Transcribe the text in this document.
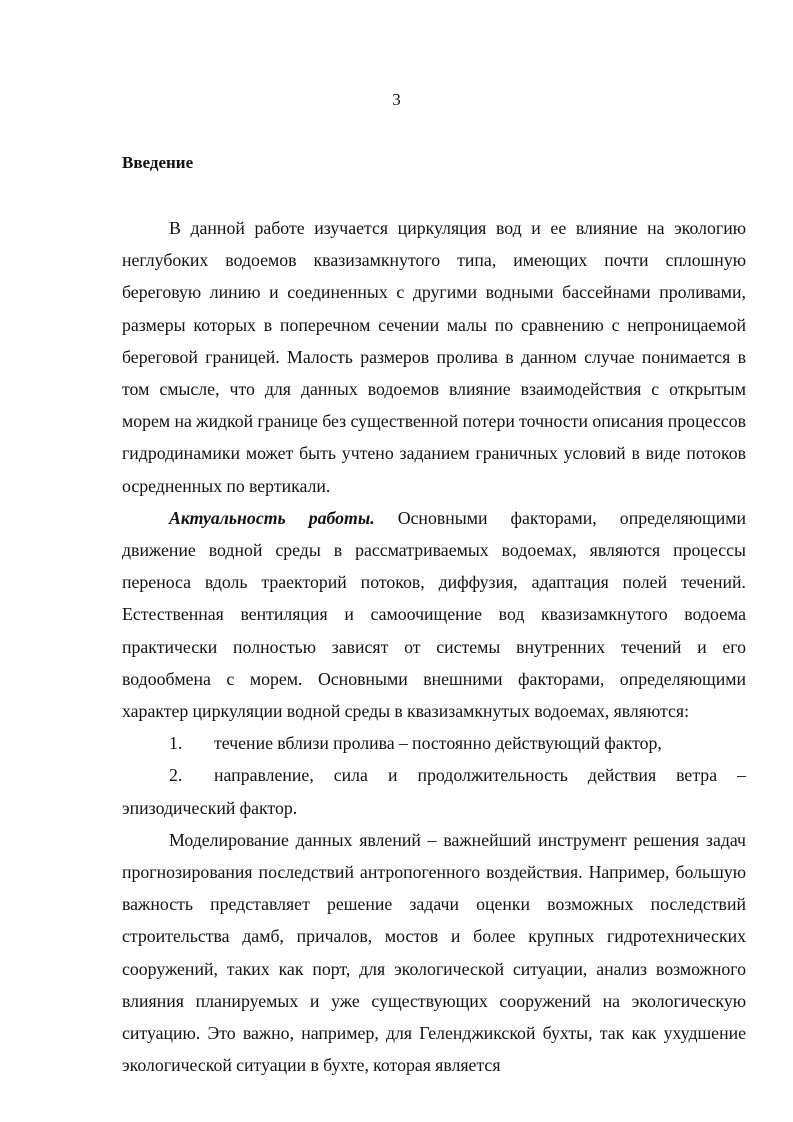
3
Введение

В данной работе изучается циркуляция вод и ее влияние на экологию неглубоких водоемов квазизамкнутого типа, имеющих почти сплошную береговую линию и соединенных с другими водными бассейнами проливами, размеры которых в поперечном сечении малы по сравнению с непроницаемой береговой границей. Малость размеров пролива в данном случае понимается в том смысле, что для данных водоемов влияние взаимодействия с открытым морем на жидкой границе без существенной потери точности описания процессов гидродинамики может быть учтено заданием граничных условий в виде потоков осредненных по вертикали.

Актуальность работы. Основными факторами, определяющими движение водной среды в рассматриваемых водоемах, являются процессы переноса вдоль траекторий потоков, диффузия, адаптация полей течений. Естественная вентиляция и самоочищение вод квазизамкнутого водоема практически полностью зависят от системы внутренних течений и его водообмена с морем. Основными внешними факторами, определяющими характер циркуляции водной среды в квазизамкнутых водоемах, являются:

1. течение вблизи пролива – постоянно действующий фактор,

2. направление, сила и продолжительность действия ветра – эпизодический фактор.

Моделирование данных явлений – важнейший инструмент решения задач прогнозирования последствий антропогенного воздействия. Например, большую важность представляет решение задачи оценки возможных последствий строительства дамб, причалов, мостов и более крупных гидротехнических сооружений, таких как порт, для экологической ситуации, анализ возможного влияния планируемых и уже существующих сооружений на экологическую ситуацию. Это важно, например, для Геленджикской бухты, так как ухудшение экологической ситуации в бухте, которая является
